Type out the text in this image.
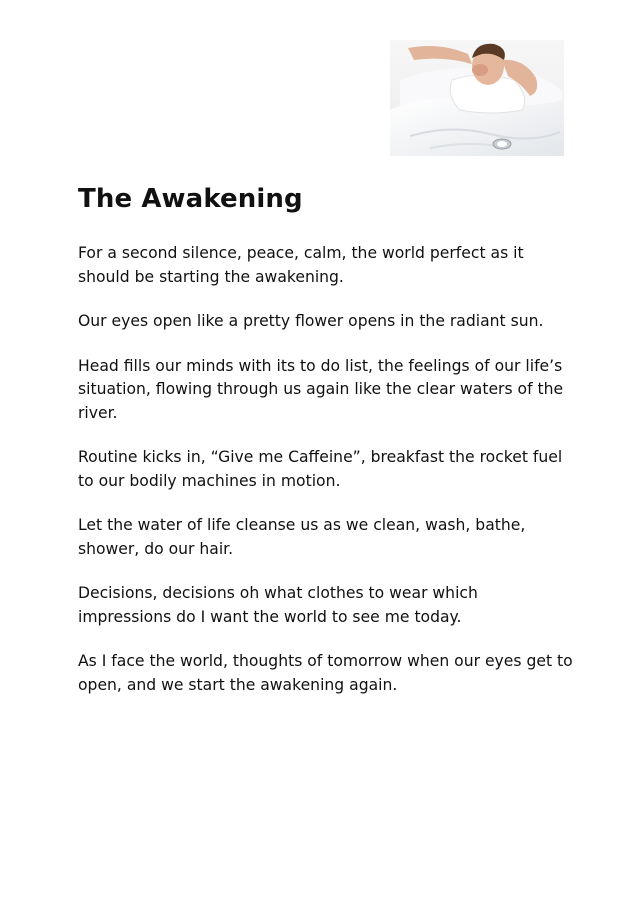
The Awakening
For a second silence, peace, calm, the world perfect as it should be starting the awakening.
Our eyes open like a pretty flower opens in the radiant sun.
Head fills our minds with its to do list, the feelings of our life’s situation, flowing through us again like the clear waters of the river.
Routine kicks in, “Give me Caffeine”, breakfast the rocket fuel to our bodily machines in motion.
Let the water of life cleanse us as we clean, wash, bathe, shower, do our hair.
Decisions, decisions oh what clothes to wear which impressions do I want the world to see me today.
As I face the world, thoughts of tomorrow when our eyes get to open, and we start the awakening again.
